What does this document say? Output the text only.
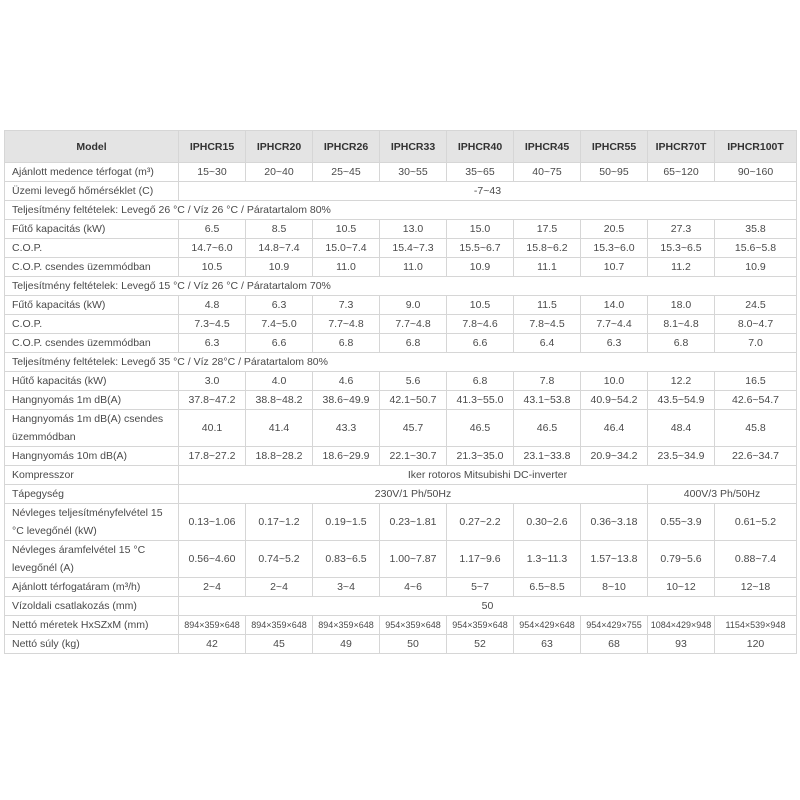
Model	IPHCR15	IPHCR20	IPHCR26	IPHCR33	IPHCR40	IPHCR45	IPHCR55	IPHCR70T	IPHCR100T
Ajánlott medence térfogat (m³)	15~30	20~40	25~45	30~55	35~65	40~75	50~95	65~120	90~160
Üzemi levegő hőmérséklet (C)	-7~43								
Teljesítmény feltételek: Levegő 26 °C / Víz 26 °C / Páratartalom 80%									
Fűtő kapacitás (kW)	6.5	8.5	10.5	13.0	15.0	17.5	20.5	27.3	35.8
C.O.P.	14.7~6.0	14.8~7.4	15.0~7.4	15.4~7.3	15.5~6.7	15.8~6.2	15.3~6.0	15.3~6.5	15.6~5.8
C.O.P. csendes üzemmódban	10.5	10.9	11.0	11.0	10.9	11.1	10.7	11.2	10.9
Teljesítmény feltételek: Levegő 15 °C / Víz 26 °C / Páratartalom 70%									
Fűtő kapacitás (kW)	4.8	6.3	7.3	9.0	10.5	11.5	14.0	18.0	24.5
C.O.P.	7.3~4.5	7.4~5.0	7.7~4.8	7.7~4.8	7.8~4.6	7.8~4.5	7.7~4.4	8.1~4.8	8.0~4.7
C.O.P. csendes üzemmódban	6.3	6.6	6.8	6.8	6.6	6.4	6.3	6.8	7.0
Teljesítmény feltételek: Levegő 35 °C / Víz 28°C / Páratartalom 80%									
Hűtő kapacitás (kW)	3.0	4.0	4.6	5.6	6.8	7.8	10.0	12.2	16.5
Hangnyomás 1m dB(A)	37.8~47.2	38.8~48.2	38.6~49.9	42.1~50.7	41.3~55.0	43.1~53.8	40.9~54.2	43.5~54.9	42.6~54.7
Hangnyomás 1m dB(A) csendes üzemmódban	40.1	41.4	43.3	45.7	46.5	46.5	46.4	48.4	45.8
Hangnyomás 10m dB(A)	17.8~27.2	18.8~28.2	18.6~29.9	22.1~30.7	21.3~35.0	23.1~33.8	20.9~34.2	23.5~34.9	22.6~34.7
Kompresszor	Iker rotoros Mitsubishi DC-inverter								
Tápegység	230V/1 Ph/50Hz							400V/3 Ph/50Hz	
Névleges teljesítményfelvétel 15 °C levegőnél (kW)	0.13~1.06	0.17~1.2	0.19~1.5	0.23~1.81	0.27~2.2	0.30~2.6	0.36~3.18	0.55~3.9	0.61~5.2
Névleges áramfelvétel 15 °C levegőnél (A)	0.56~4.60	0.74~5.2	0.83~6.5	1.00~7.87	1.17~9.6	1.3~11.3	1.57~13.8	0.79~5.6	0.88~7.4
Ajánlott térfogatáram (m³/h)	2~4	2~4	3~4	4~6	5~7	6.5~8.5	8~10	10~12	12~18
Vízoldali csatlakozás (mm)	50								
Nettó méretek HxSZxM (mm)	894×359×648	894×359×648	894×359×648	954×359×648	954×359×648	954×429×648	954×429×755	1084×429×948	1154×539×948
Nettó súly (kg)	42	45	49	50	52	63	68	93	120
